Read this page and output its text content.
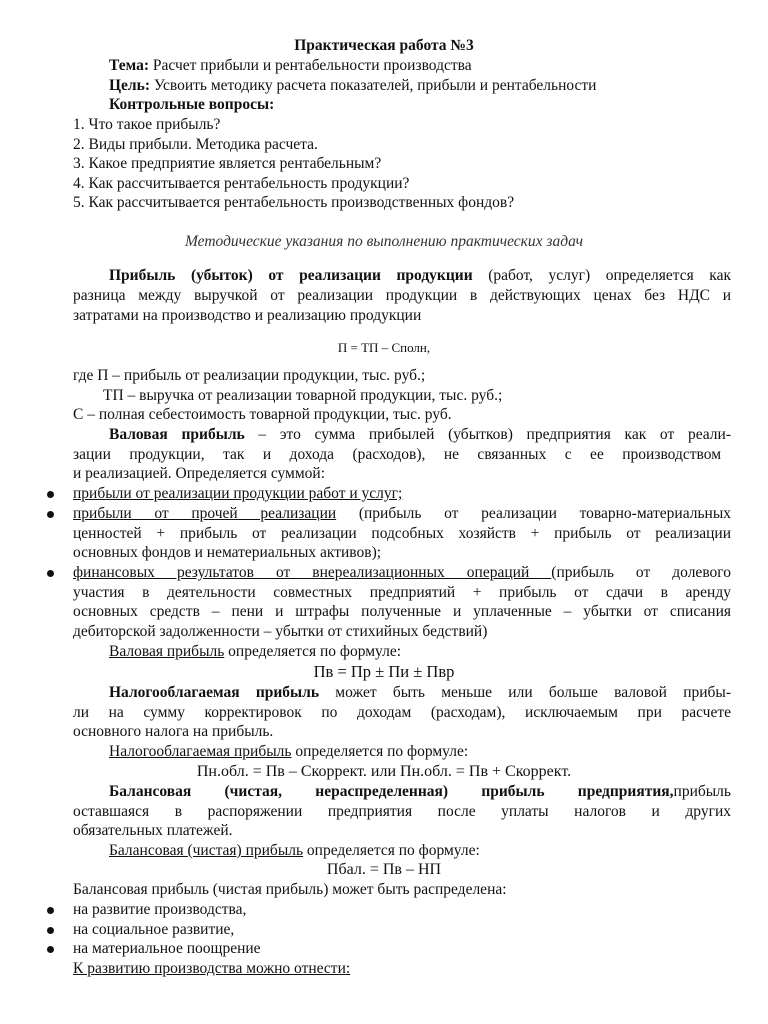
Практическая работа №3
Тема: Расчет прибыли и рентабельности производства
Цель: Усвоить методику расчета показателей, прибыли и рентабельности
Контрольные вопросы:
1. Что такое прибыль?
2. Виды прибыли. Методика расчета.
3. Какое предприятие является рентабельным?
4. Как рассчитывается рентабельность продукции?
5. Как рассчитывается рентабельность производственных фондов?
Методические указания по выполнению практических задач
Прибыль (убыток) от реализации продукции (работ, услуг) определяется как
разница между выручкой от реализации продукции в действующих ценах без НДС и
затратами на производство и реализацию продукции
П = ТП – Сполн,
где П – прибыль от реализации продукции, тыс. руб.;
ТП – выручка от реализации товарной продукции, тыс. руб.;
С – полная себестоимость товарной продукции, тыс. руб.
Валовая прибыль – это сумма прибылей (убытков) предприятия как от реали-
зации продукции, так и дохода (расходов), не связанных с ее производством
и реализацией. Определяется суммой:
прибыли от реализации продукции работ и услуг;
прибыли от прочей реализации (прибыль от реализации товарно-материальных
ценностей + прибыль от реализации подсобных хозяйств + прибыль от реализации
основных фондов и нематериальных активов);
финансовых результатов от внереализационных операций (прибыль от долевого
участия в деятельности совместных предприятий + прибыль от сдачи в аренду
основных средств – пени и штрафы полученные и уплаченные – убытки от списания
дебиторской задолженности – убытки от стихийных бедствий)
Валовая прибыль определяется по формуле:
Пв = Пр ± Пи ± Пвр
Налогооблагаемая прибыль может быть меньше или больше валовой прибы-
ли на сумму корректировок по доходам (расходам), исключаемым при расчете
основного налога на прибыль.
Налогооблагаемая прибыль определяется по формуле:
Пн.обл. = Пв – Скоррект. или Пн.обл. = Пв + Скоррект.
Балансовая (чистая, нераспределенная) прибыль предприятия,прибыль
оставшаяся в распоряжении предприятия после уплаты налогов и других
обязательных платежей.
Балансовая (чистая) прибыль определяется по формуле:
Пбал. = Пв – НП
Балансовая прибыль (чистая прибыль) может быть распределена:
на развитие производства,
на социальное развитие,
на материальное поощрение
К развитию производства можно отнести:
